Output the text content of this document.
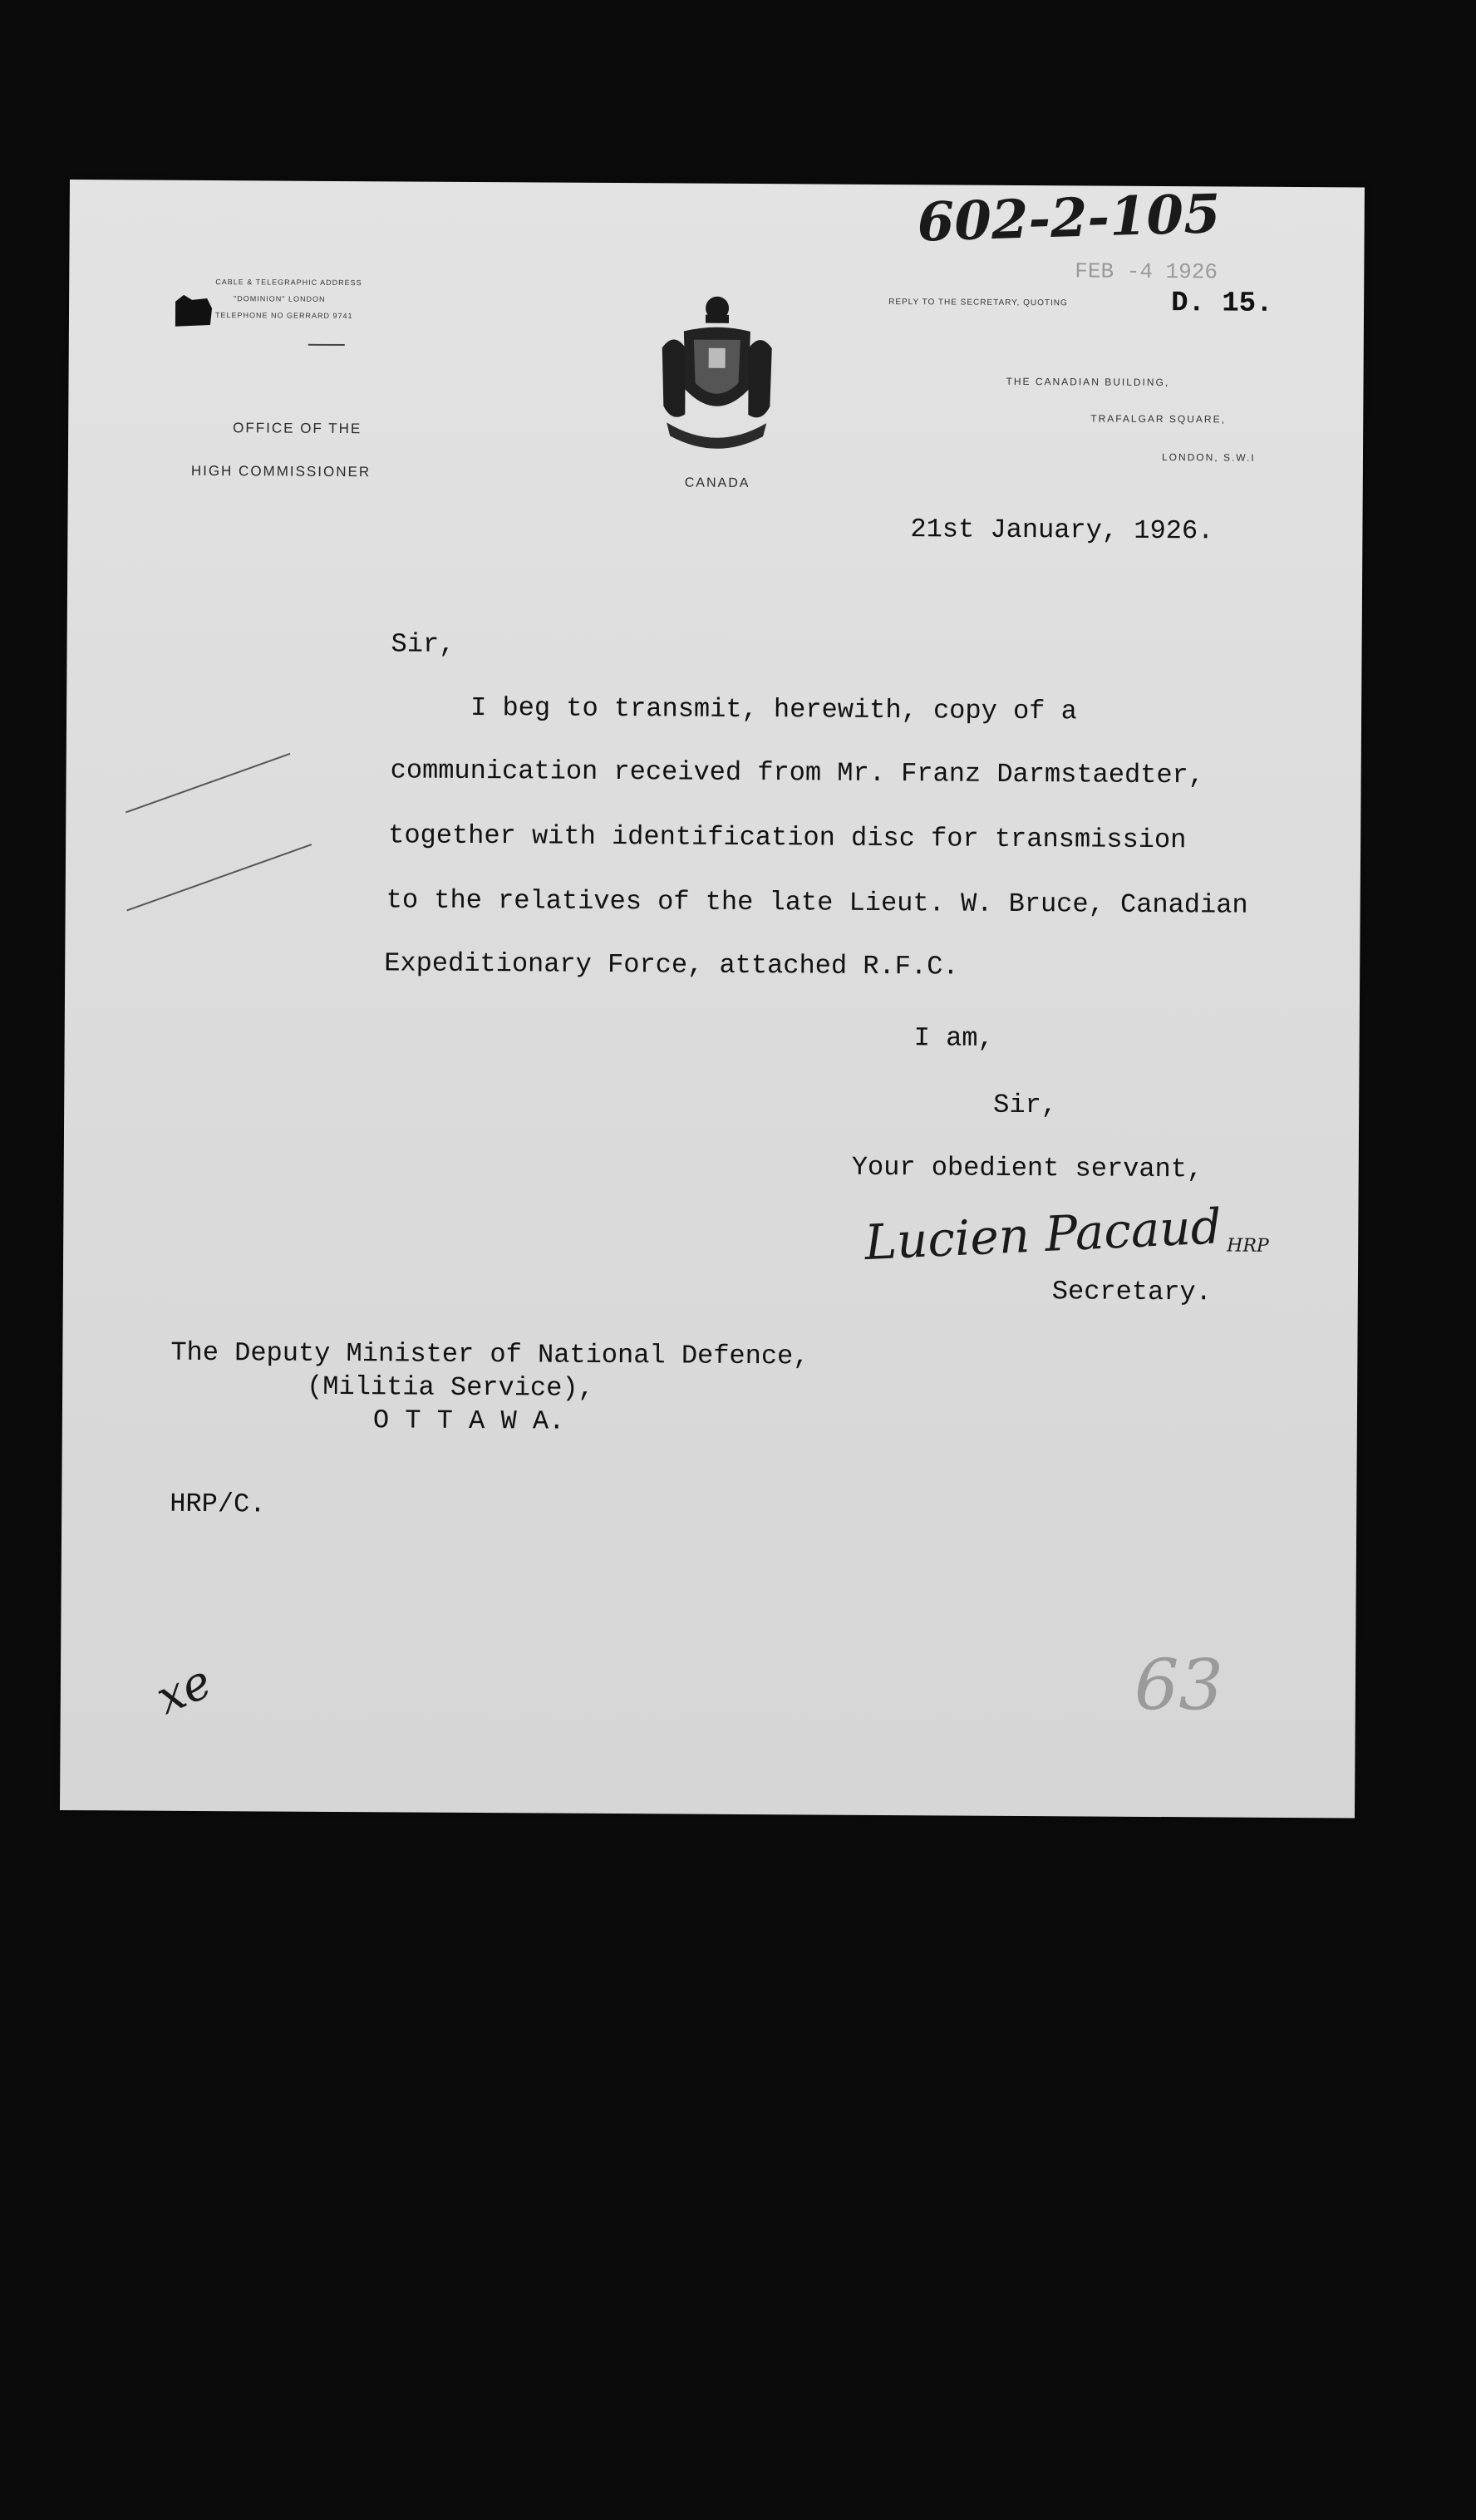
602-2-105
FEB -4 1926
CABLE & TELEGRAPHIC ADDRESS
"DOMINION" LONDON
TELEPHONE NO GERRARD 9741
OFFICE OF THE
HIGH COMMISSIONER
CANADA
REPLY TO THE SECRETARY, QUOTING	D. 15.
THE CANADIAN BUILDING,
TRAFALGAR SQUARE,
LONDON, S.W.I
21st January, 1926.
Sir,
I beg to transmit, herewith, copy of a
communication received from Mr. Franz Darmstaedter,
together with identification disc for transmission
to the relatives of the late Lieut. W. Bruce, Canadian
Expeditionary Force, attached R.F.C.
I am,
Sir,
Your obedient servant,
Lucien Pacaud HRP
Secretary.
The Deputy Minister of National Defence,
(Militia Service),
O T T A W A.
HRP/C.
xe	63
